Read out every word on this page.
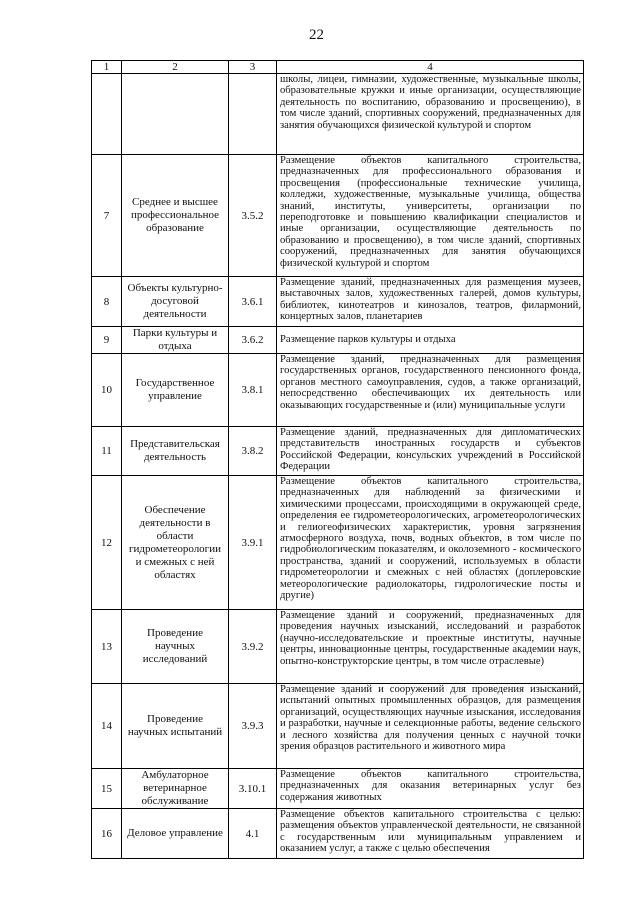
22
1	2	3	4
			школы, лицеи, гимназии, художественные, музыкальные школы, образовательные кружки и иные организации, осуществляющие деятельность по воспитанию, образованию и просвещению), в том числе зданий, спортивных сооружений, предназначенных для занятия обучающихся физической культурой и спортом
7	Среднее и высшее профессиональное образование	3.5.2	Размещение объектов капитального строительства, предназначенных для профессионального образования и просвещения (профессиональные технические училища, колледжи, художественные, музыкальные училища, общества знаний, институты, университеты, организации по переподготовке и повышению квалификации специалистов и иные организации, осуществляющие деятельность по образованию и просвещению), в том числе зданий, спортивных сооружений, предназначенных для занятия обучающихся физической культурой и спортом
8	Объекты культурно-досуговой деятельности	3.6.1	Размещение зданий, предназначенных для размещения музеев, выставочных залов, художественных галерей, домов культуры, библиотек, кинотеатров и кинозалов, театров, филармоний, концертных залов, планетариев
9	Парки культуры и отдыха	3.6.2	Размещение парков культуры и отдыха
10	Государственное управление	3.8.1	Размещение зданий, предназначенных для размещения государственных органов, государственного пенсионного фонда, органов местного самоуправления, судов, а также организаций, непосредственно обеспечивающих их деятельность или оказывающих государственные и (или) муниципальные услуги
11	Представительская деятельность	3.8.2	Размещение зданий, предназначенных для дипломатических представительств иностранных государств и субъектов Российской Федерации, консульских учреждений в Российской Федерации
12	Обеспечение деятельности в области гидрометеорологии и смежных с ней областях	3.9.1	Размещение объектов капитального строительства, предназначенных для наблюдений за физическими и химическими процессами, происходящими в окружающей среде, определения ее гидрометеорологических, агрометеорологических и гелиогеофизических характеристик, уровня загрязнения атмосферного воздуха, почв, водных объектов, в том числе по гидробиологическим показателям, и околоземного - космического пространства, зданий и сооружений, используемых в области гидрометеорологии и смежных с ней областях (доплеровские метеорологические радиолокаторы, гидрологические посты и другие)
13	Проведение научных исследований	3.9.2	Размещение зданий и сооружений, предназначенных для проведения научных изысканий, исследований и разработок (научно-исследовательские и проектные институты, научные центры, инновационные центры, государственные академии наук, опытно-конструкторские центры, в том числе отраслевые)
14	Проведение научных испытаний	3.9.3	Размещение зданий и сооружений для проведения изысканий, испытаний опытных промышленных образцов, для размещения организаций, осуществляющих научные изыскания, исследования и разработки, научные и селекционные работы, ведение сельского и лесного хозяйства для получения ценных с научной точки зрения образцов растительного и животного мира
15	Амбулаторное ветеринарное обслуживание	3.10.1	Размещение объектов капитального строительства, предназначенных для оказания ветеринарных услуг без содержания животных
16	Деловое управление	4.1	Размещение объектов капитального строительства с целью: размещения объектов управленческой деятельности, не связанной с государственным или муниципальным управлением и оказанием услуг, а также с целью обеспечения
